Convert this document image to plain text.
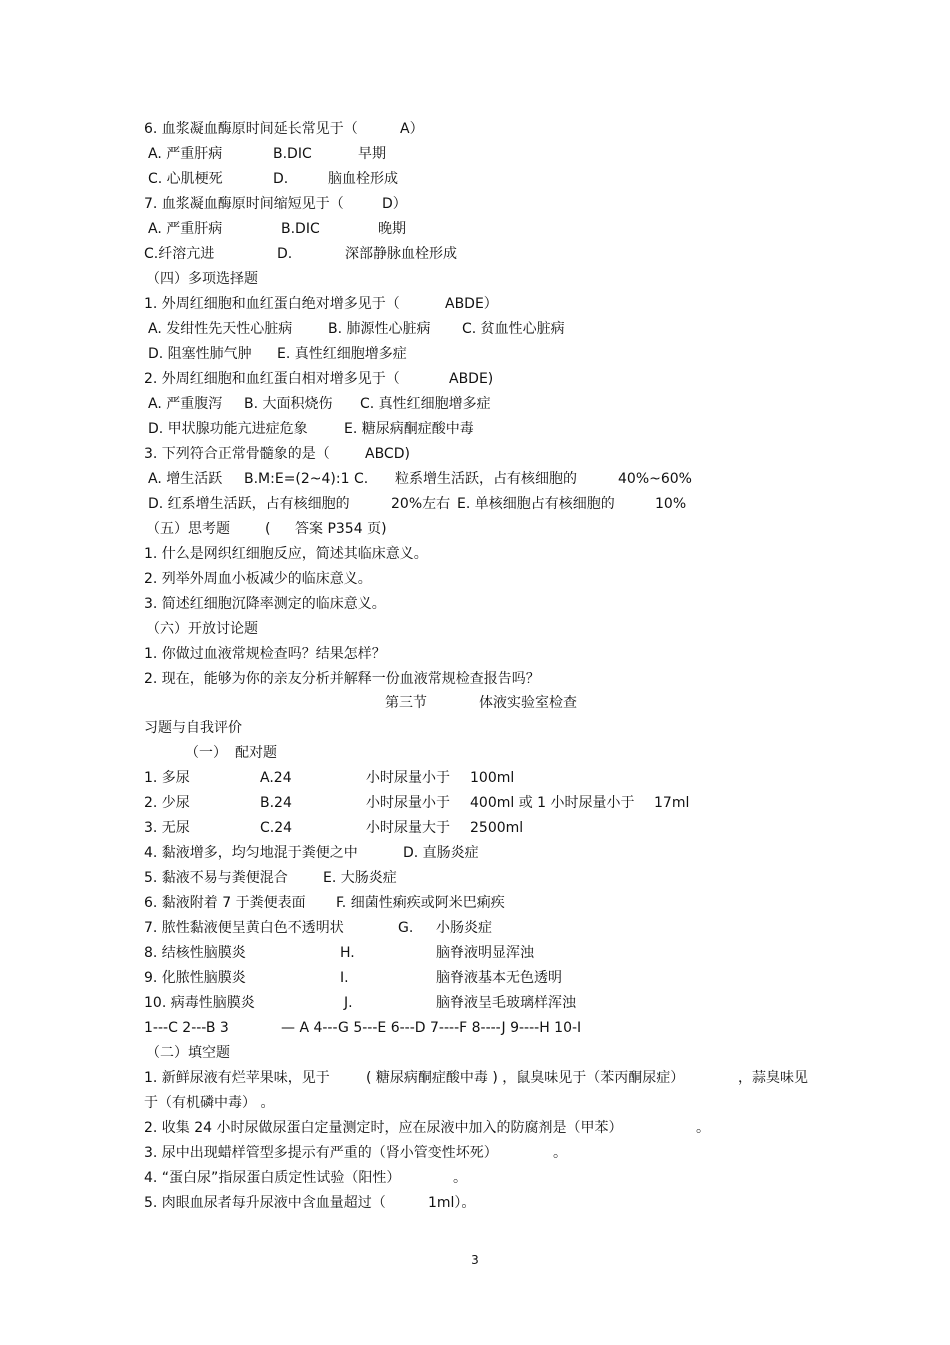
6. 血浆凝血酶原时间延长常见于（	A）
A. 严重肝病	B.DIC	早期
C. 心肌梗死	D.	脑血栓形成
7. 血浆凝血酶原时间缩短见于（	D）
A. 严重肝病	B.DIC	晚期
C.纤溶亢进	D.	深部静脉血栓形成
（四）多项选择题
1. 外周红细胞和血红蛋白绝对增多见于（	ABDE）
A. 发绀性先天性心脏病	B. 肺源性心脏病 C. 贫血性心脏病
D. 阻塞性肺气肿 E. 真性红细胞增多症
2. 外周红细胞和血红蛋白相对增多见于（	ABDE)
A. 严重腹泻 B. 大面积烧伤 C. 真性红细胞增多症
D. 甲状腺功能亢进症危象	E. 糖尿病酮症酸中毒
3. 下列符合正常骨髓象的是（	ABCD)
A. 增生活跃 B.M:E=(2~4):1 C. 粒系增生活跃，占有核细胞的	40%~60%
D. 红系增生活跃，占有核细胞的	20%左右 E. 单核细胞占有核细胞的	10%
（五）思考题	( 答案 P354 页)
1. 什么是网织红细胞反应，简述其临床意义。
2. 列举外周血小板减少的临床意义。
3. 简述红细胞沉降率测定的临床意义。
（六）开放讨论题
1. 你做过血液常规检查吗？结果怎样？
2. 现在，能够为你的亲友分析并解释一份血液常规检查报告吗？
第三节	体液实验室检查
习题与自我评价
（一） 配对题
1. 多尿	A.24	小时尿量小于 100ml
2. 少尿	B.24	小时尿量小于 400ml 或 1 小时尿量小于 17ml
3. 无尿	C.24	小时尿量大于 2500ml
4. 黏液增多，均匀地混于粪便之中	D. 直肠炎症
5. 黏液不易与粪便混合	E. 大肠炎症
6. 黏液附着 7 于粪便表面 F. 细菌性痢疾或阿米巴痢疾
7. 脓性黏液便呈黄白色不透明状	G. 小肠炎症
8. 结核性脑膜炎	H.	脑脊液明显浑浊
9. 化脓性脑膜炎	I.	脑脊液基本无色透明
10. 病毒性脑膜炎	J.	脑脊液呈毛玻璃样浑浊
1---C 2---B 3	— A 4---G 5---E 6---D 7----F 8----J 9----H 10-I
（二）填空题
1. 新鲜尿液有烂苹果味，见于	( 糖尿病酮症酸中毒 ) ，鼠臭味见于（苯丙酮尿症）	，蒜臭味见
于（有机磷中毒） 。
2. 收集 24 小时尿做尿蛋白定量测定时，应在尿液中加入的防腐剂是（甲苯）	。
3. 尿中出现蜡样管型多提示有严重的（肾小管变性坏死）	。
4. “蛋白尿”指尿蛋白质定性试验（阳性）	。
5. 肉眼血尿者每升尿液中含血量超过（	1ml）。
3
